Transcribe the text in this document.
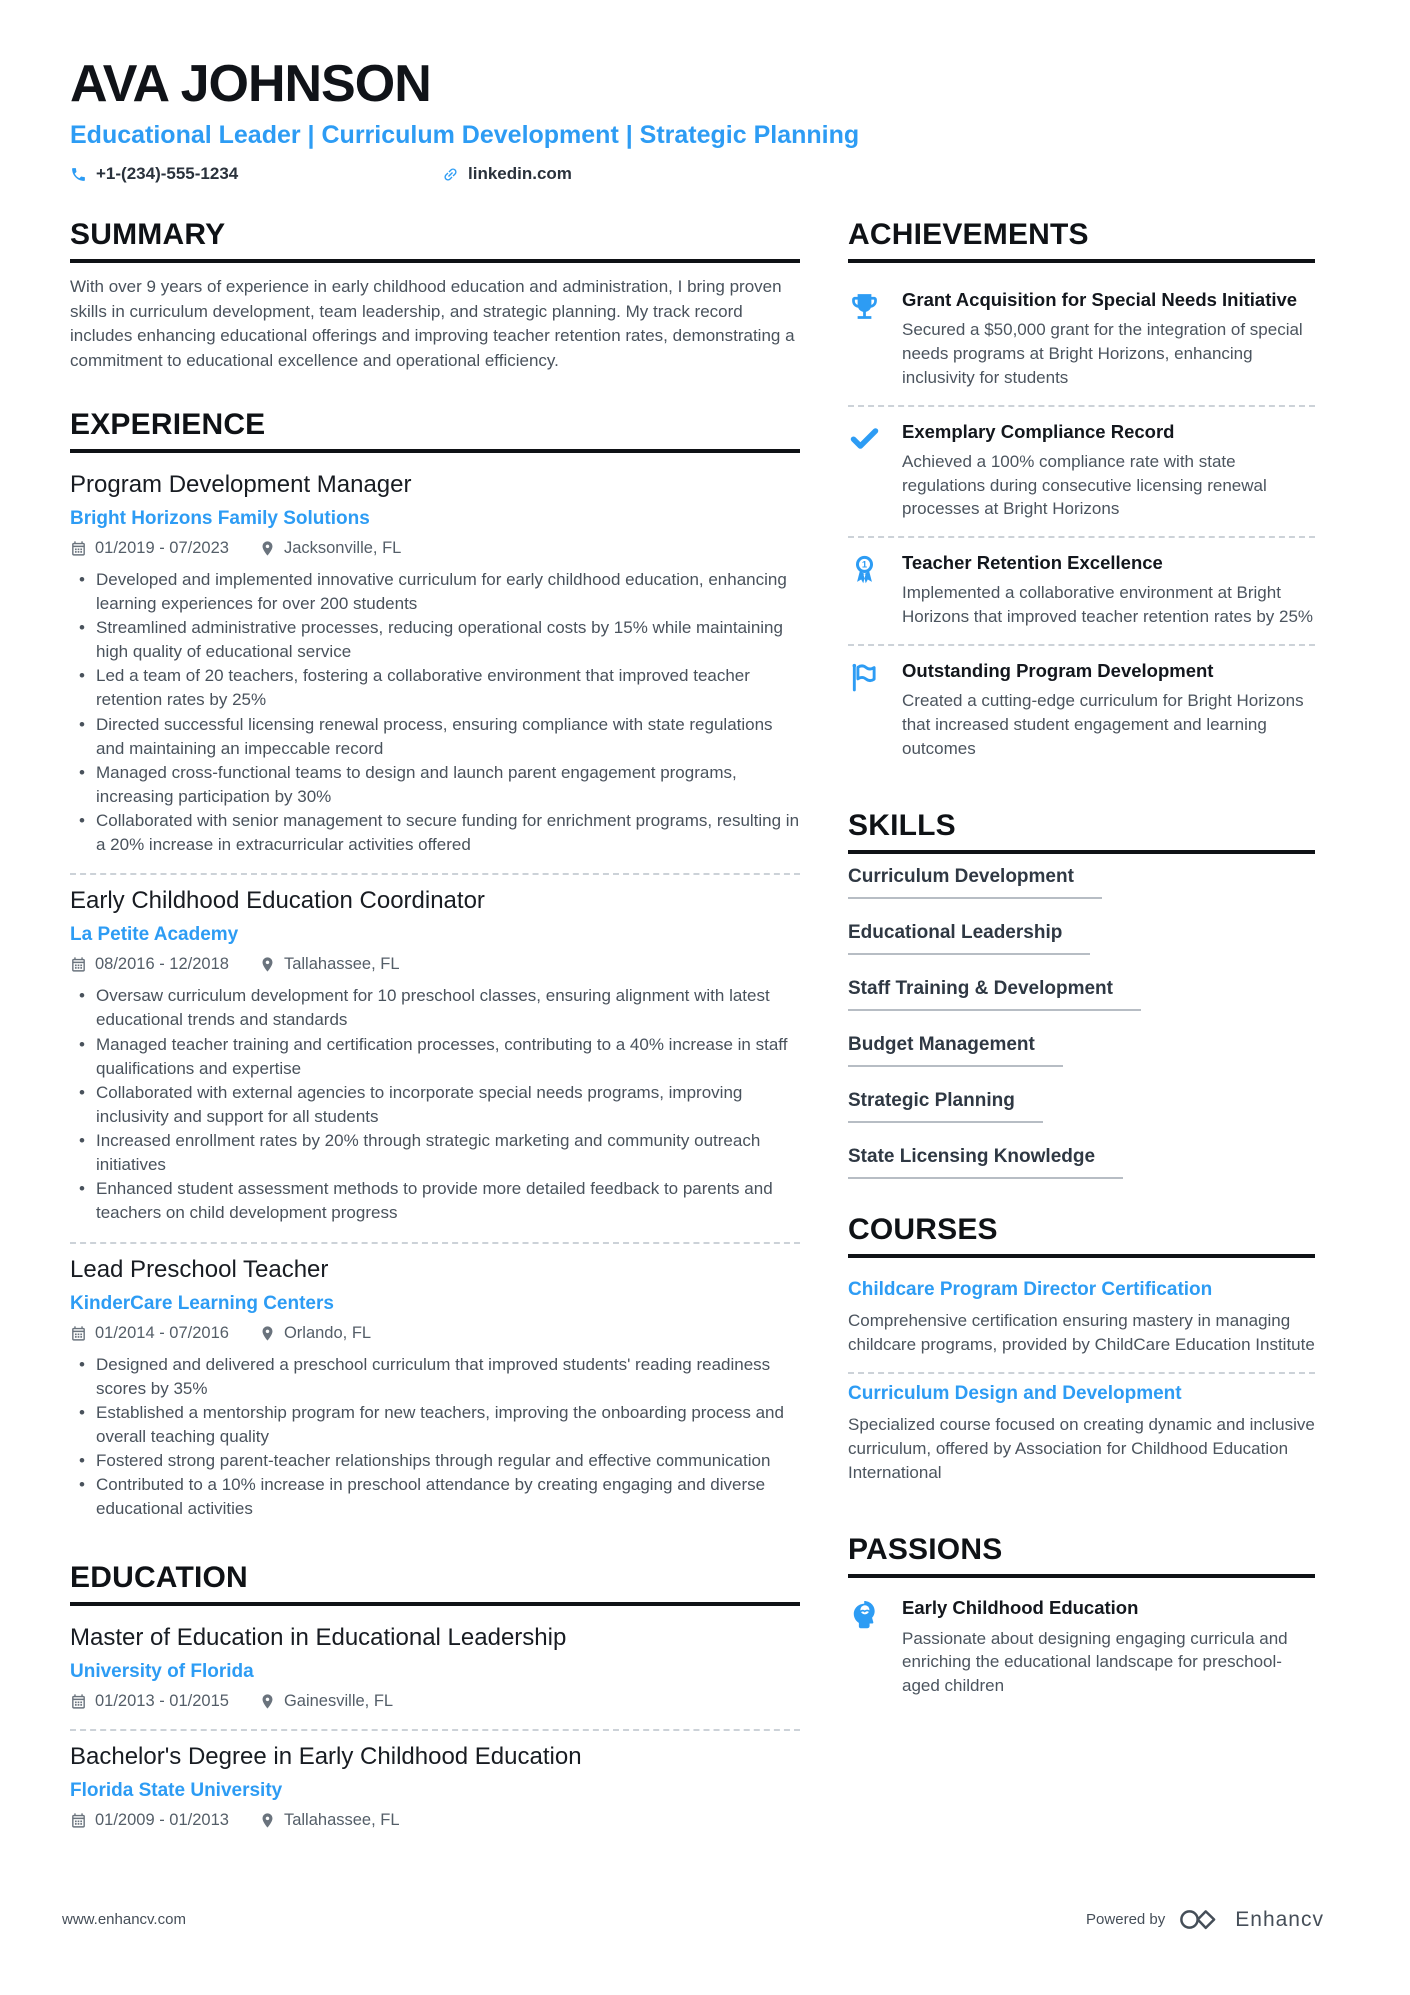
AVA JOHNSON
Educational Leader | Curriculum Development | Strategic Planning
+1-(234)-555-1234	linkedin.com
SUMMARY

With over 9 years of experience in early childhood education and administration, I bring proven skills in curriculum development, team leadership, and strategic planning. My track record includes enhancing educational offerings and improving teacher retention rates, demonstrating a commitment to educational excellence and operational efficiency.

EXPERIENCE
Program Development Manager
Bright Horizons Family Solutions
01/2019 - 07/2023	Jacksonville, FL
• Developed and implemented innovative curriculum for early childhood education, enhancing learning experiences for over 200 students
• Streamlined administrative processes, reducing operational costs by 15% while maintaining high quality of educational service
• Led a team of 20 teachers, fostering a collaborative environment that improved teacher retention rates by 25%
• Directed successful licensing renewal process, ensuring compliance with state regulations and maintaining an impeccable record
• Managed cross-functional teams to design and launch parent engagement programs, increasing participation by 30%
• Collaborated with senior management to secure funding for enrichment programs, resulting in a 20% increase in extracurricular activities offered
Early Childhood Education Coordinator
La Petite Academy
08/2016 - 12/2018	Tallahassee, FL
• Oversaw curriculum development for 10 preschool classes, ensuring alignment with latest educational trends and standards
• Managed teacher training and certification processes, contributing to a 40% increase in staff qualifications and expertise
• Collaborated with external agencies to incorporate special needs programs, improving inclusivity and support for all students
• Increased enrollment rates by 20% through strategic marketing and community outreach initiatives
• Enhanced student assessment methods to provide more detailed feedback to parents and teachers on child development progress
Lead Preschool Teacher
KinderCare Learning Centers
01/2014 - 07/2016	Orlando, FL
• Designed and delivered a preschool curriculum that improved students' reading readiness scores by 35%
• Established a mentorship program for new teachers, improving the onboarding process and overall teaching quality
• Fostered strong parent-teacher relationships through regular and effective communication
• Contributed to a 10% increase in preschool attendance by creating engaging and diverse educational activities
EDUCATION
Master of Education in Educational Leadership
University of Florida
01/2013 - 01/2015	Gainesville, FL
Bachelor's Degree in Early Childhood Education
Florida State University
01/2009 - 01/2013	Tallahassee, FL
ACHIEVEMENTS
Grant Acquisition for Special Needs Initiative
Secured a $50,000 grant for the integration of special needs programs at Bright Horizons, enhancing inclusivity for students
Exemplary Compliance Record
Achieved a 100% compliance rate with state regulations during consecutive licensing renewal processes at Bright Horizons
1 Teacher Retention Excellence
Implemented a collaborative environment at Bright Horizons that improved teacher retention rates by 25%
Outstanding Program Development
Created a cutting-edge curriculum for Bright Horizons that increased student engagement and learning outcomes
SKILLS
Curriculum Development
Educational Leadership
Staff Training & Development
Budget Management
Strategic Planning
State Licensing Knowledge
COURSES
Childcare Program Director Certification
Comprehensive certification ensuring mastery in managing childcare programs, provided by ChildCare Education Institute
Curriculum Design and Development
Specialized course focused on creating dynamic and inclusive curriculum, offered by Association for Childhood Education International
PASSIONS
Early Childhood Education
Passionate about designing engaging curricula and enriching the educational landscape for preschool-aged children
www.enhancv.com	Powered by	Enhancv
